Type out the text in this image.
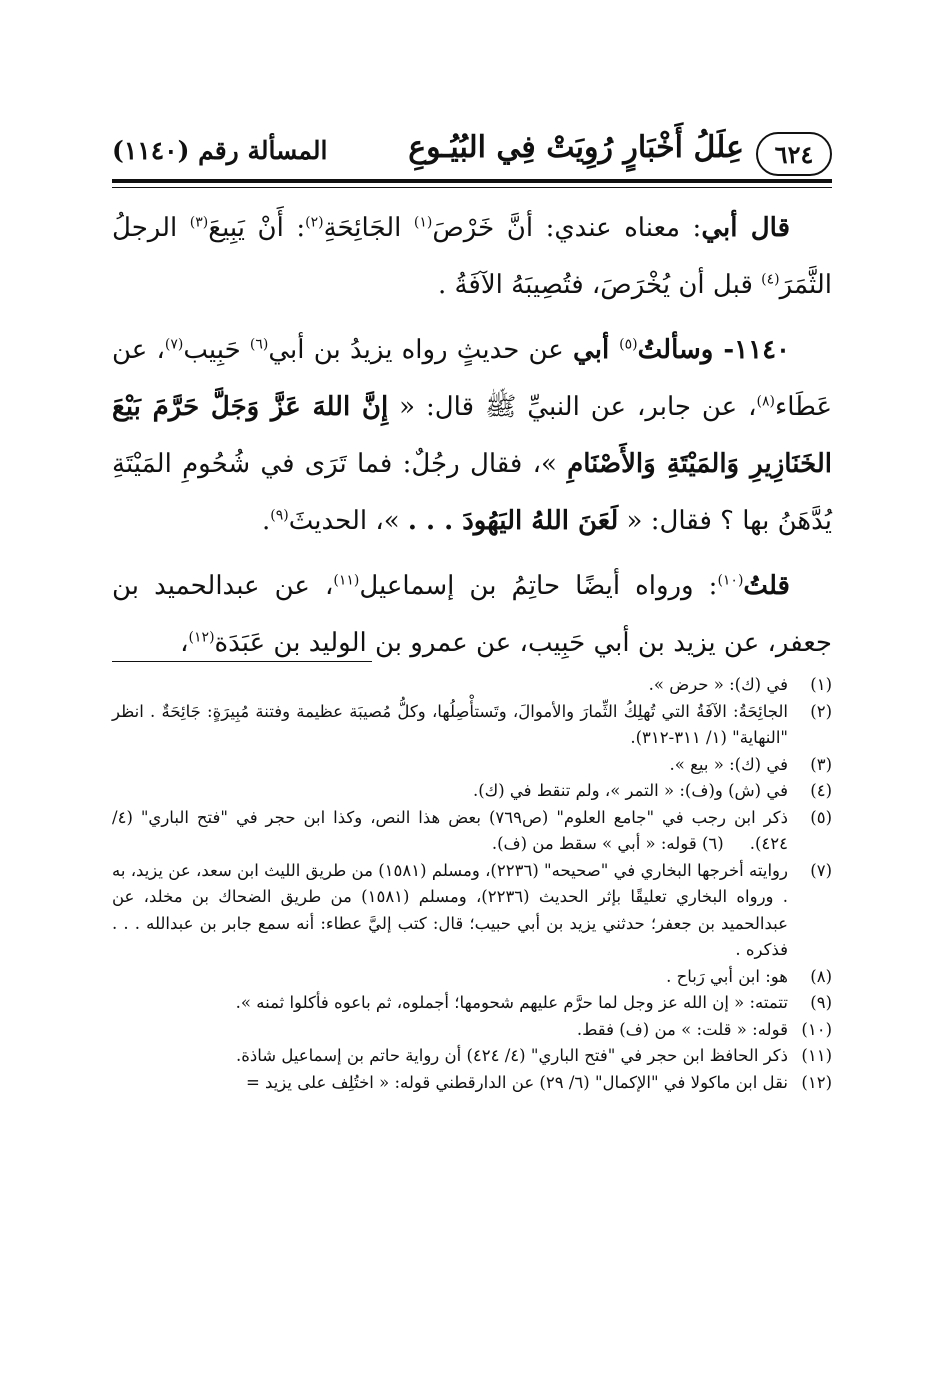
٦٢٤
عِلَلُ أَخْبَارٍ رُوِيَتْ فِي البُيُـوعِ
المسألة رقم (١١٤٠)

قال أبي: معناه عندي: أنَّ خَرْصَ$^{(١)}$ الجَائِحَةِ$^{(٢)}$: أَنْ يَبِيعَ$^{(٣)}$ الرجلُ الثَّمَرَ$^{(٤)}$ قبل أن يُخْرَصَ، فتُصِيبَهُ الآفَةُ .

١١٤٠- وسألتُ$^{(٥)}$ أبي عن حديثٍ رواه يزيدُ بن أبي$^{(٦)}$ حَبِيب$^{(٧)}$، عن عَطَاء$^{(٨)}$، عن جابر، عن النبيِّ ﷺ قال: « إِنَّ اللهَ عَزَّ وَجَلَّ حَرَّمَ بَيْعَ الخَنَازِيرِ وَالمَيْتَةِ وَالأَصْنَامِ »، فقال رجُلٌ: فما تَرَى في شُحُومِ المَيْتَةِ يُدَّهَنُ بها ؟ فقال: « لَعَنَ اللهُ اليَهُودَ . . . »، الحديثَ$^{(٩)}$.

قلتُ$^{(١٠)}$: ورواه أيضًا حاتِمُ بن إسماعيل$^{(١١)}$، عن عبدالحميد بن جعفر، عن يزيد بن أبي حَبِيب، عن عمرو بن الوليد بن عَبَدَة$^{(١٢)}$،

(١)
في (ك): « حرض ».
(٢)
الجائِحَةُ: الآفَةُ التي تُهلِكُ الثِّمارَ والأموالَ، وتَستأْصِلُها، وكلُّ مُصيبَة عظيمة وفتنة مُبِيرَةٍ: جَائِحَةٌ . انظر "النهاية" (١/ ٣١١-٣١٢).
(٣)
في (ك): « بيع ».
(٤)
في (ش) و(ف): « التمر »، ولم تنقط في (ك).
(٥)
ذكر ابن رجب في "جامع العلوم" (ص٧٦٩) بعض هذا النص، وكذا ابن حجر في "فتح الباري" (٤/ ٤٢٤).(٦) قوله: « أبي » سقط من (ف).
(٧)
روايته أخرجها البخاري في "صحيحه" (٢٢٣٦)، ومسلم (١٥٨١) من طريق الليث ابن سعد، عن يزيد، به . ورواه البخاري تعليقًا بإثر الحديث (٢٢٣٦)، ومسلم (١٥٨١) من طريق الضحاك بن مخلد، عن عبدالحميد بن جعفر؛ حدثني يزيد بن أبي حبيب؛ قال: كتب إليَّ عطاء: أنه سمع جابر بن عبدالله . . . فذكره .
(٨)
هو: ابن أبي رَباح .
(٩)
تتمته: « إن الله عز وجل لما حرَّم عليهم شحومها؛ أجملوه، ثم باعوه فأكلوا ثمنه ».
(١٠)
قوله: « قلت: » من (ف) فقط.
(١١)
ذكر الحافظ ابن حجر في "فتح الباري" (٤/ ٤٢٤) أن رواية حاتم بن إسماعيل شاذة.
(١٢)
نقل ابن ماكولا في "الإكمال" (٦/ ٢٩) عن الدارقطني قوله: « اختُلِف على يزيد =
